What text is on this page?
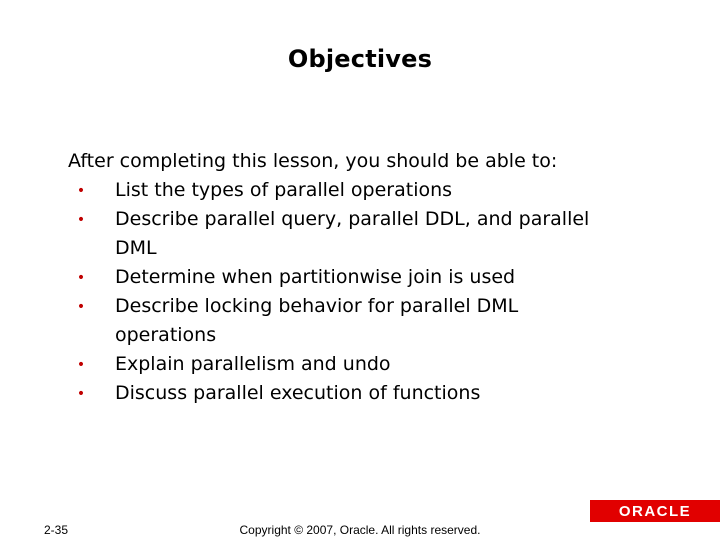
Objectives
After completing this lesson, you should be able to:
• List the types of parallel operations
• Describe parallel query, parallel DDL, and parallel DML
• Determine when partitionwise join is used
• Describe locking behavior for parallel DML operations
• Explain parallelism and undo
• Discuss parallel execution of functions
ORACLE
2-35	Copyright © 2007, Oracle. All rights reserved.
